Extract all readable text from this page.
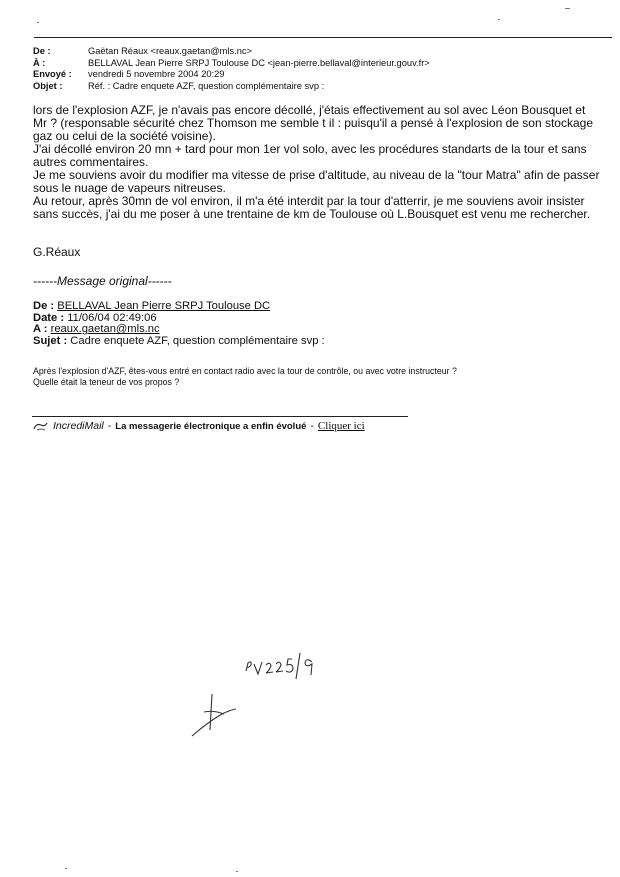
De :	Gaëtan Réaux <reaux.gaetan@mls.nc>
À :	BELLAVAL Jean Pierre SRPJ Toulouse DC <jean-pierre.bellaval@interieur.gouv.fr>
Envoyé :	vendredi 5 novembre 2004 20:29
Objet :	Réf. : Cadre enquete AZF, question complémentaire svp :

lors de l'explosion AZF, je n'avais pas encore décollé, j'étais effectivement au sol avec Léon Bousquet et

Mr ? (responsable sécurité chez Thomson me semble t il : puisqu'il a pensé à l'explosion de son stockage

gaz ou celui de la société voisine).

J'ai décollé environ 20 mn + tard pour mon 1er vol solo, avec les procédures standarts de la tour et sans

autres commentaires.

Je me souviens avoir du modifier ma vitesse de prise d'altitude, au niveau de la "tour Matra" afin de passer

sous le nuage de vapeurs nitreuses.

Au retour, après 30mn de vol environ, il m'a été interdit par la tour d'atterrir, je me souviens avoir insister

sans succès, j'ai du me poser à une trentaine de km de Toulouse où L.Bousquet est venu me rechercher.

G.Réaux
------Message original------
De : BELLAVAL Jean Pierre SRPJ Toulouse DC
Date : 11/06/04 02:49:06
A : reaux.gaetan@mls.nc
Sujet : Cadre enquete AZF, question complémentaire svp :
Après l'explosion d'AZF, êtes-vous entré en contact radio avec la tour de contrôle, ou avec votre instructeur ?
Quelle était la teneur de vos propos ?
IncrediMail - La messagerie électronique a enfin évolué - Cliquer ici
